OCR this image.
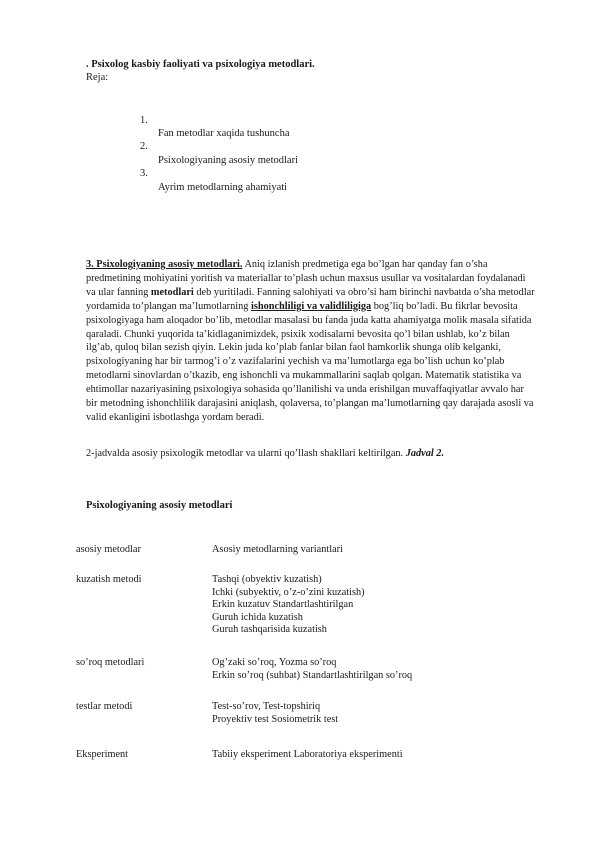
. Psixolog kasbiy faoliyati va psixologiya metodlari.
Reja:
1.
Fan metodlar xaqida tushuncha
2.
Psixologiyaning asosiy metodlari
3.
Ayrim metodlarning ahamiyati
3. Psixologiyaning asosiy metodlari. Aniq izlanish predmetiga ega bo’lgan har qanday fan o’sha predmetining mohiyatini yoritish va materiallar to’plash uchun maxsus usullar va vositalardan foydalanadi va ular fanning metodlari deb yuritiladi. Fanning salohiyati va obro’si ham birinchi navbatda o’sha metodlar yordamida to’plangan ma’lumotlarning ishonchliligi va validliligiga bog’liq bo’ladi. Bu fikrlar bevosita psixologiyaga ham aloqador bo’lib, metodlar masalasi bu fanda juda katta ahamiyatga molik masala sifatida qaraladi. Chunki yuqorida ta’kidlaganimizdek, psixik xodisalarni bevosita qo’l bilan ushlab, ko’z bilan ilg’ab, quloq bilan sezish qiyin. Lekin juda ko’plab fanlar bilan faol hamkorlik shunga olib kelganki, psixologiyaning har bir tarmog’i o’z vazifalarini yechish va ma’lumotlarga ega bo’lish uchun ko’plab metodlarni sinovlardan o’tkazib, eng ishonchli va mukammallarini saqlab qolgan. Matematik statistika va ehtimollar nazariyasining psixologiya sohasida qo’llanilishi va unda erishilgan muvaffaqiyatlar avvalo har bir metodning ishonchlilik darajasini aniqlash, qolaversa, to’plangan ma’lumotlarning qay darajada asosli va valid ekanligini isbotlashga yordam beradi.
2-jadvalda asosiy psixologik metodlar va ularni qo’llash shakllari keltirilgan. Jadval 2.
Psixologiyaning asosiy metodlari
asosiy metodlar	Asosiy metodlarning variantlari
kuzatish metodi	Tashqi (obyektiv kuzatish)
Ichki (subyektiv, o’z-o’zini kuzatish)
Erkin kuzatuv Standartlashtirilgan
Guruh ichida kuzatish
Guruh tashqarisida kuzatish
so’roq metodlari	Og’zaki so’roq, Yozma so’roq
Erkin so’roq (suhbat) Standartlashtirilgan so’roq
testlar metodi	Test-so’rov, Test-topshiriq
Proyektiv test Sosiometrik test
Eksperiment	Tabiiy eksperiment Laboratoriya eksperimenti
